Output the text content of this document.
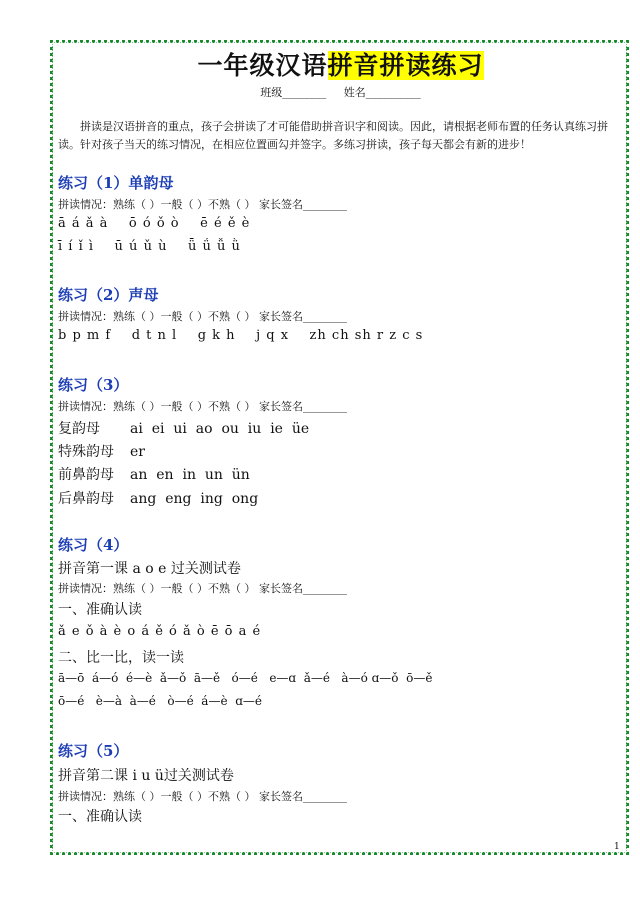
一年级汉语拼音拼读练习
班级________ 姓名__________
拼读是汉语拼音的重点，孩子会拼读了才可能借助拼音识字和阅读。因此，请根据老师布置的任务认真练习拼读。针对孩子当天的练习情况，在相应位置画勾并签字。多练习拼读，孩子每天都会有新的进步！
练习（1）单韵母
拼读情况：熟练（ ）一般（ ）不熟（ ） 家长签名________
ā á ǎ à    ō ó ǒ ò    ē é ě è
ī í ǐ ì    ū ú ǔ ù    ǖ ǘ ǚ ǜ
练习（2）声母
拼读情况：熟练（ ）一般（ ）不熟（ ） 家长签名________
b p m f    d t n l    g k h    j q x    zh ch sh r z c s
练习（3）
拼读情况：熟练（ ）一般（ ）不熟（ ） 家长签名________
复韵母 ai  ei  ui  ao  ou  iu  ie  üe
特殊韵母 er
前鼻韵母 an  en  in  un  ün
后鼻韵母 ang  eng  ing  ong
练习（4）
拼音第一课 a o e 过关测试卷
拼读情况：熟练（ ）一般（ ）不熟（ ） 家长签名________
一、准确认读
ǎ e ǒ à è o á ě ó ǎ ò ē ō a é
二、比一比，读一读
ā—ō  á—ó  é—è  ǎ—ǒ  ā—ě   ó—é   e—ɑ  ǎ—é   à—ó ɑ—ǒ  ō—ě
ō—é   è—à  à—é   ò—é  á—è  ɑ—é
练习（5）
拼音第二课 i u ü过关测试卷
拼读情况：熟练（ ）一般（ ）不熟（ ） 家长签名________
一、准确认读
1
